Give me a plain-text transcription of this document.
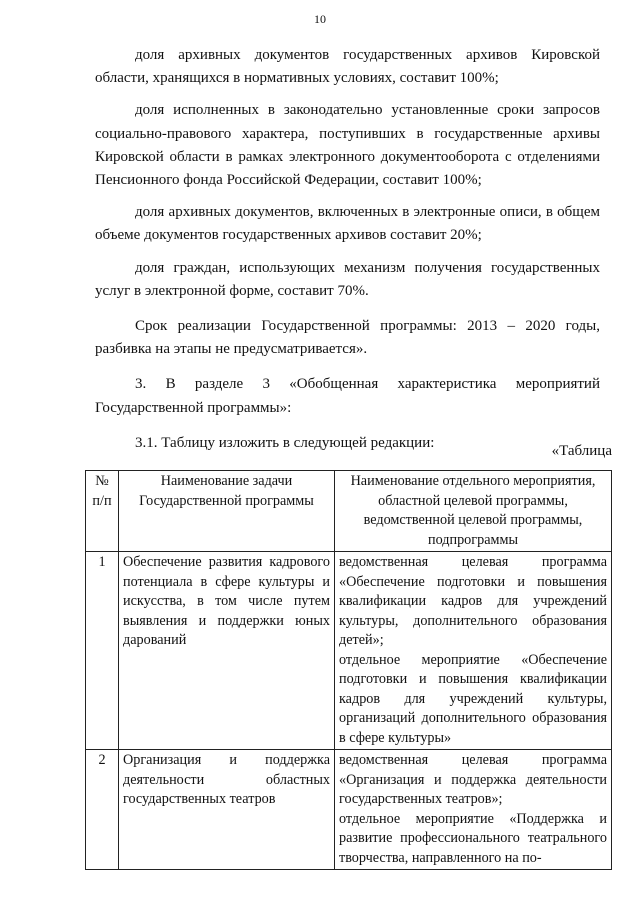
10

доля архивных документов государственных архивов Кировской области, хранящихся в нормативных условиях, составит 100%;

доля исполненных в законодательно установленные сроки запросов социально-правового характера, поступивших в государственные архивы Кировской области в рамках электронного документооборота с отделениями Пенсионного фонда Российской Федерации, составит 100%;

доля архивных документов, включенных в электронные описи, в общем объеме документов государственных архивов составит 20%;

доля граждан, использующих механизм получения государственных услуг в электронной форме, составит 70%.

Срок реализации Государственной программы: 2013 – 2020 годы, разбивка на этапы не предусматривается».

3. В разделе 3 «Обобщенная характеристика мероприятий Государственной программы»:

3.1. Таблицу изложить в следующей редакции:

«Таблица
№ п/п	Наименование задачи Государственной программы	Наименование отдельного мероприятия, областной целевой программы, ведомственной целевой программы, подпрограммы
1	Обеспечение развития кадрового потенциала в сфере культуры и искусства, в том числе путем выявления и поддержки юных дарований	ведомственная целевая программа «Обеспечение подготовки и повышения квалификации кадров для учреждений культуры, дополнительного образования детей»;
отдельное мероприятие «Обеспечение подготовки и повышения квалификации кадров для учреждений культуры, организаций дополнительного образования в сфере культуры»

2	Организация и поддержка деятельности областных государственных театров	ведомственная целевая программа «Организация и поддержка деятельности государственных театров»;
отдельное мероприятие «Поддержка и развитие профессионального театрального творчества, направленного на по-
